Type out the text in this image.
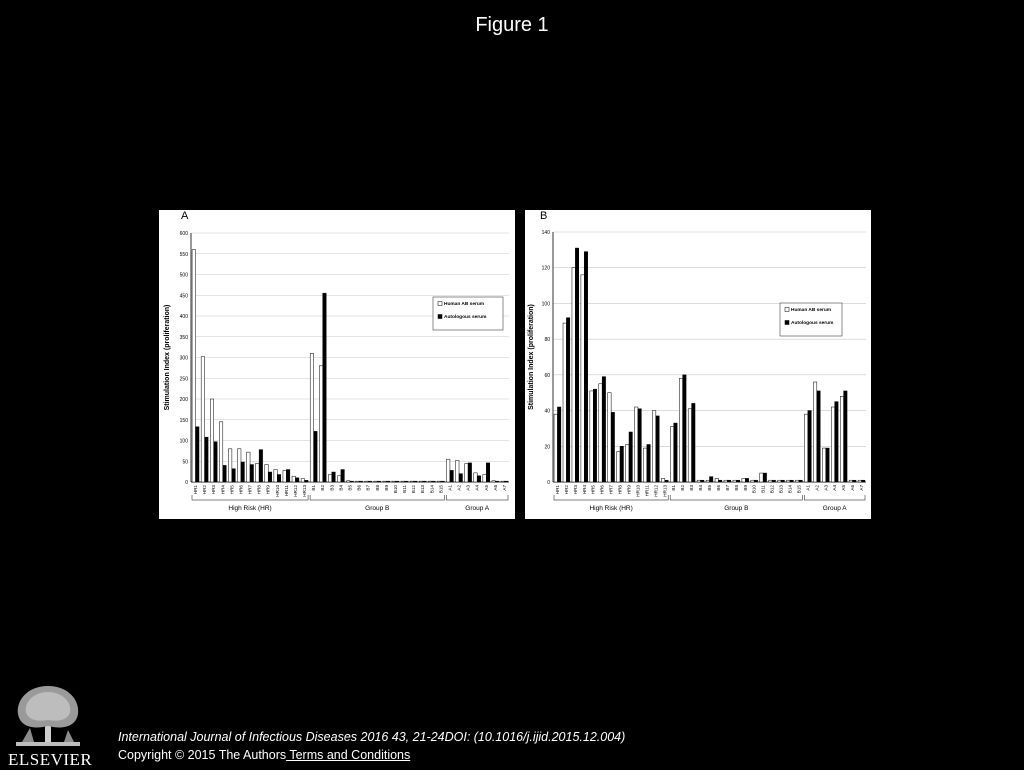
Figure 1
A
0
50
100
150
200
250
300
350
400
450
500
550
600
Stimulation Index (proliferation)
HR1 HR2 HR3 HR4 HR5 HR6 HR7 HR8 HR9 HR10 HR11 HR12 HR13 B1 B2 B3 B4 B5 B6 B7 B8 B9 B10 B11 B12 B13 B14 B15 A1 A2 A3 A4 A5 A6 A7
High Risk (HR)	Group B	Group A
Human AB serum
Autologous serum
B
0
20
40
60
80
100
120
140
Stimulation Index (proliferation)
HR1 HR2 HR3 HR4 HR5 HR6 HR7 HR8 HR9 HR10 HR11 HR12 HR13 B1 B2 B3 B4 B5 B6 B7 B8 B9 B10 B11 B12 B13 B14 B15 A1 A2 A3 A4 A5 A6 A7
High Risk (HR)	Group B	Group A
Human AB serum
Autologous serum
ELSEVIER
International Journal of Infectious Diseases 2016 43, 21-24DOI: (10.1016/j.ijid.2015.12.004)
Copyright © 2015 The Authors Terms and Conditions
